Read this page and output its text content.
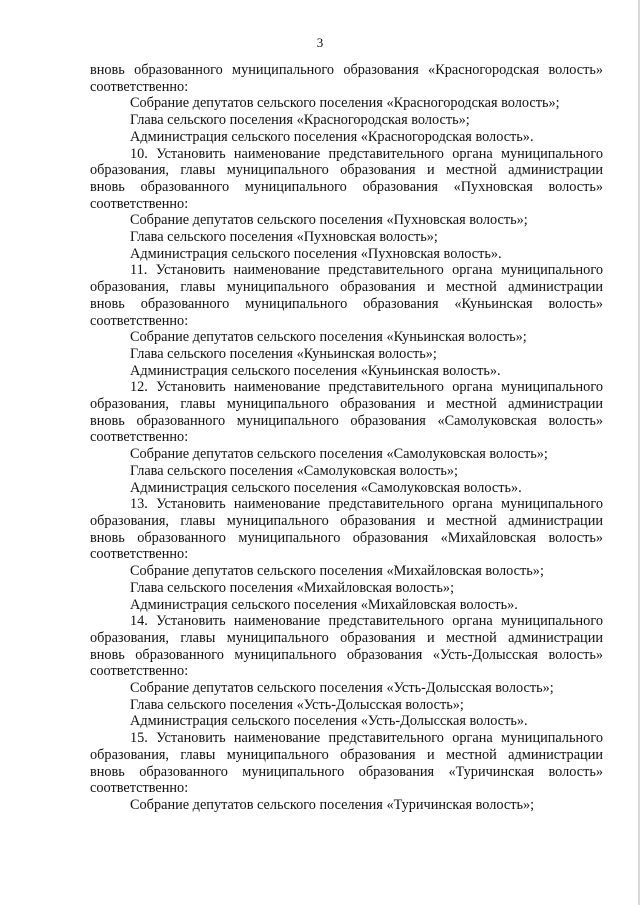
3

вновь образованного муниципального образования «Красногородская волость»

соответственно:

Собрание депутатов сельского поселения «Красногородская волость»;

Глава сельского поселения «Красногородская волость»;

Администрация сельского поселения «Красногородская волость».

10. Установить наименование представительного органа муниципального

образования, главы муниципального образования и местной администрации

вновь образованного муниципального образования «Пухновская волость»

соответственно:

Собрание депутатов сельского поселения «Пухновская волость»;

Глава сельского поселения «Пухновская волость»;

Администрация сельского поселения «Пухновская волость».

11. Установить наименование представительного органа муниципального

образования, главы муниципального образования и местной администрации

вновь образованного муниципального образования «Куньинская волость»

соответственно:

Собрание депутатов сельского поселения «Куньинская волость»;

Глава сельского поселения «Куньинская волость»;

Администрация сельского поселения «Куньинская волость».

12. Установить наименование представительного органа муниципального

образования, главы муниципального образования и местной администрации

вновь образованного муниципального образования «Самолуковская волость»

соответственно:

Собрание депутатов сельского поселения «Самолуковская волость»;

Глава сельского поселения «Самолуковская волость»;

Администрация сельского поселения «Самолуковская волость».

13. Установить наименование представительного органа муниципального

образования, главы муниципального образования и местной администрации

вновь образованного муниципального образования «Михайловская волость»

соответственно:

Собрание депутатов сельского поселения «Михайловская волость»;

Глава сельского поселения «Михайловская волость»;

Администрация сельского поселения «Михайловская волость».

14. Установить наименование представительного органа муниципального

образования, главы муниципального образования и местной администрации

вновь образованного муниципального образования «Усть-Долысская волость»

соответственно:

Собрание депутатов сельского поселения «Усть-Долысская волость»;

Глава сельского поселения «Усть-Долысская волость»;

Администрация сельского поселения «Усть-Долысская волость».

15. Установить наименование представительного органа муниципального

образования, главы муниципального образования и местной администрации

вновь образованного муниципального образования «Туричинская волость»

соответственно:

Собрание депутатов сельского поселения «Туричинская волость»;
